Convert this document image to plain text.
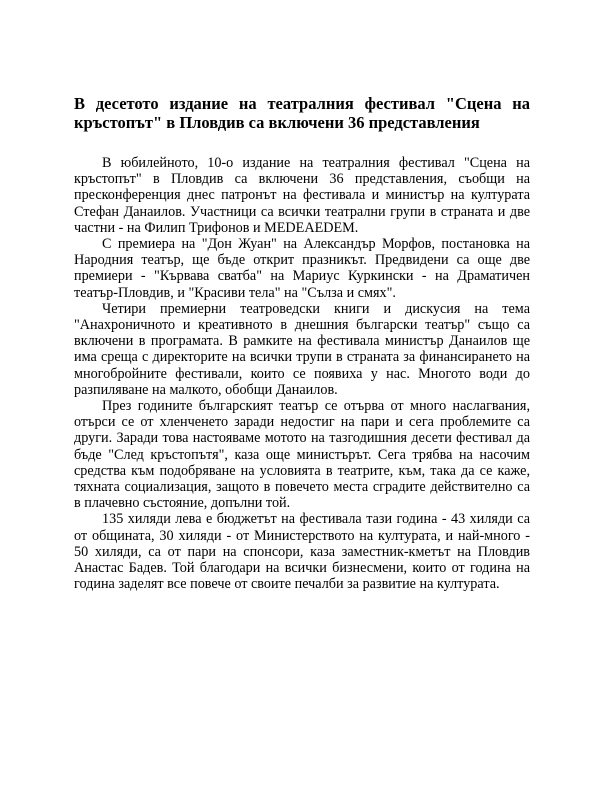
В десетото издание на театралния фестивал "Сцена на кръстопът" в Пловдив са включени 36 представления

В юбилейното, 10-о издание на театралния фестивал "Сцена на кръстопът" в Пловдив са включени 36 представления, съобщи на пресконференция днес патронът на фестивала и министър на културата Стефан Данаилов. Участници са всички театрални групи в страната и две частни - на Филип Трифонов и MEDEAEDEM.

С премиера на "Дон Жуан" на Александър Морфов, постановка на Народния театър, ще бъде открит празникът. Предвидени са още две премиери - "Кървава сватба" на Мариус Куркински - на Драматичен театър-Пловдив, и "Красиви тела" на "Сълза и смях".

Четири премиерни театроведски книги и дискусия на тема "Анахроничното и креативното в днешния български театър" също са включени в програмата. В рамките на фестивала министър Данаилов ще има среща с директорите на всички трупи в страната за финансирането на многобройните фестивали, които се появиха у нас. Многото води до разпиляване на малкото, обобщи Данаилов.

През годините българският театър се отърва от много наслагвания, отърси се от хленченето заради недостиг на пари и сега проблемите са други. Заради това настояваме мотото на тазгодишния десети фестивал да бъде "След кръстопътя", каза още министърът. Сега трябва на насочим средства към подобряване на условията в театрите, към, така да се каже, тяхната социализация, защото в повечето места сградите действително са в плачевно състояние, допълни той.

135 хиляди лева е бюджетът на фестивала тази година - 43 хиляди са от общината, 30 хиляди - от Министерството на културата, и най-много - 50 хиляди, са от пари на спонсори, каза заместник-кметът на Пловдив Анастас Бадев. Той благодари на всички бизнесмени, които от година на година заделят все повече от своите печалби за развитие на културата.
